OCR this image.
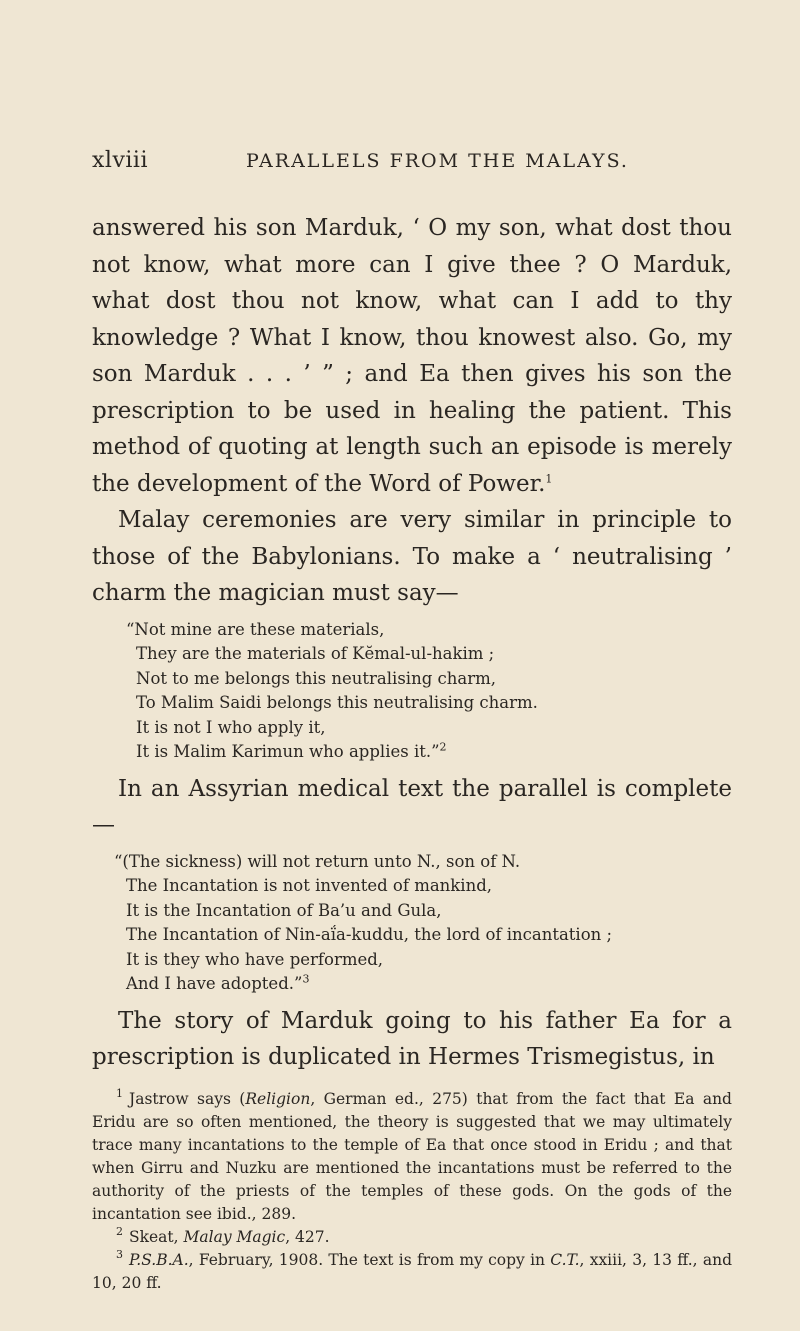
xlviii	PARALLELS FROM THE MALAYS.

answered his son Marduk, ‘ O my son, what dost thou not know, what more can I give thee ? O Marduk, what dost thou not know, what can I add to thy knowledge ? What I know, thou knowest also. Go, my son Marduk . . . ’ ” ; and Ea then gives his son the prescription to be used in healing the patient. This method of quoting at length such an episode is merely the development of the Word of Power.$^1$

Malay ceremonies are very similar in principle to those of the Babylonians. To make a ‘ neutralising ’ charm the magician must say—

“Not mine are these materials,
They are the materials of Kĕmal-ul-hakim ;
Not to me belongs this neutralising charm,
To Malim Saidi belongs this neutralising charm.
It is not I who apply it,
It is Malim Karimun who applies it.”$^2$

In an Assyrian medical text the parallel is complete—

“(The sickness) will not return unto N., son of N.
The Incantation is not invented of mankind,
It is the Incantation of Ba’u and Gula,
The Incantation of Nin-aḯa-kuddu, the lord of incantation ;
It is they who have performed,
And I have adopted.”$^3$

The story of Marduk going to his father Ea for a prescription is duplicated in Hermes Trismegistus, in

$^1$ Jastrow says (Religion, German ed., 275) that from the fact that Ea and Eridu are so often mentioned, the theory is suggested that we may ultimately trace many incantations to the temple of Ea that once stood in Eridu ; and that when Girru and Nuzku are mentioned the incantations must be referred to the authority of the priests of the temples of these gods. On the gods of the incantation see ibid., 289.

$^2$ Skeat, Malay Magic, 427.

$^3$ P.S.B.A., February, 1908. The text is from my copy in C.T., xxiii, 3, 13 ff., and 10, 20 ff.
